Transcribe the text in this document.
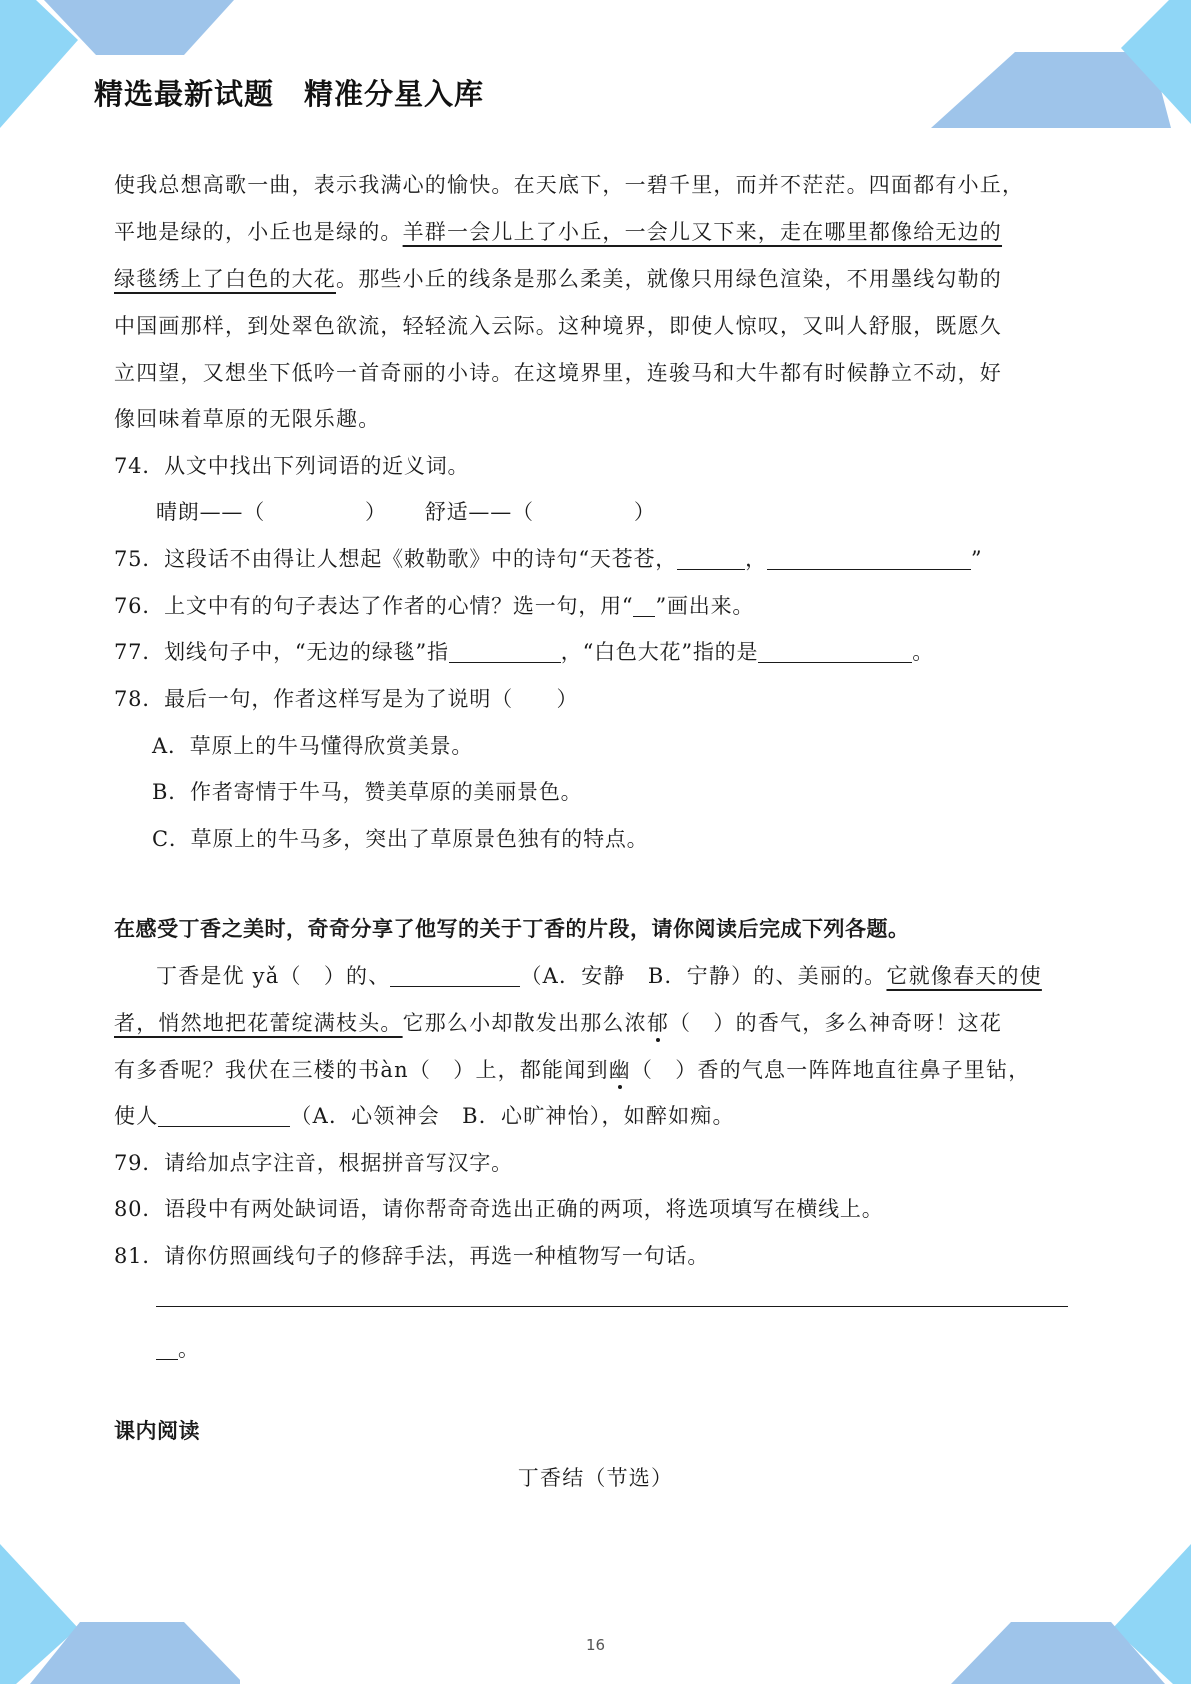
精选最新试题　精准分星入库
使我总想高歌一曲，表示我满心的愉快。在天底下，一碧千里，而并不茫茫。四面都有小丘，
平地是绿的，小丘也是绿的。羊群一会儿上了小丘，一会儿又下来，走在哪里都像给无边的
绿毯绣上了白色的大花。那些小丘的线条是那么柔美，就像只用绿色渲染，不用墨线勾勒的
中国画那样，到处翠色欲流，轻轻流入云际。这种境界，即使人惊叹，又叫人舒服，既愿久
立四望，又想坐下低吟一首奇丽的小诗。在这境界里，连骏马和大牛都有时候静立不动，好
像回味着草原的无限乐趣。
74．从文中找出下列词语的近义词。
晴朗——（	） 舒适——（	）
75．这段话不由得让人想起《敕勒歌》中的诗句“天苍苍，	，	”
76．上文中有的句子表达了作者的心情？选一句，用“ ”画出来。
77．划线句子中，“无边的绿毯”指	，“白色大花”指的是	。
78．最后一句，作者这样写是为了说明（　　）
A．草原上的牛马懂得欣赏美景。
B．作者寄情于牛马，赞美草原的美丽景色。
C．草原上的牛马多，突出了草原景色独有的特点。
在感受丁香之美时，奇奇分享了他写的关于丁香的片段，请你阅读后完成下列各题。
丁香是优 yǎ（　）的、	（A．安静　B．宁静）的、美丽的。它就像春天的使
者，悄然地把花蕾绽满枝头。它那么小却散发出那么浓郁（　）的香气，多么神奇呀！这花
有多香呢？我伏在三楼的书àn（　）上，都能闻到幽（　）香的气息一阵阵地直往鼻子里钻，
使人	（A．心领神会　B．心旷神怡），如醉如痴。
79．请给加点字注音，根据拼音写汉字。
80．语段中有两处缺词语，请你帮奇奇选出正确的两项，将选项填写在横线上。
81．请你仿照画线句子的修辞手法，再选一种植物写一句话。
。
课内阅读
丁香结（节选）
16
